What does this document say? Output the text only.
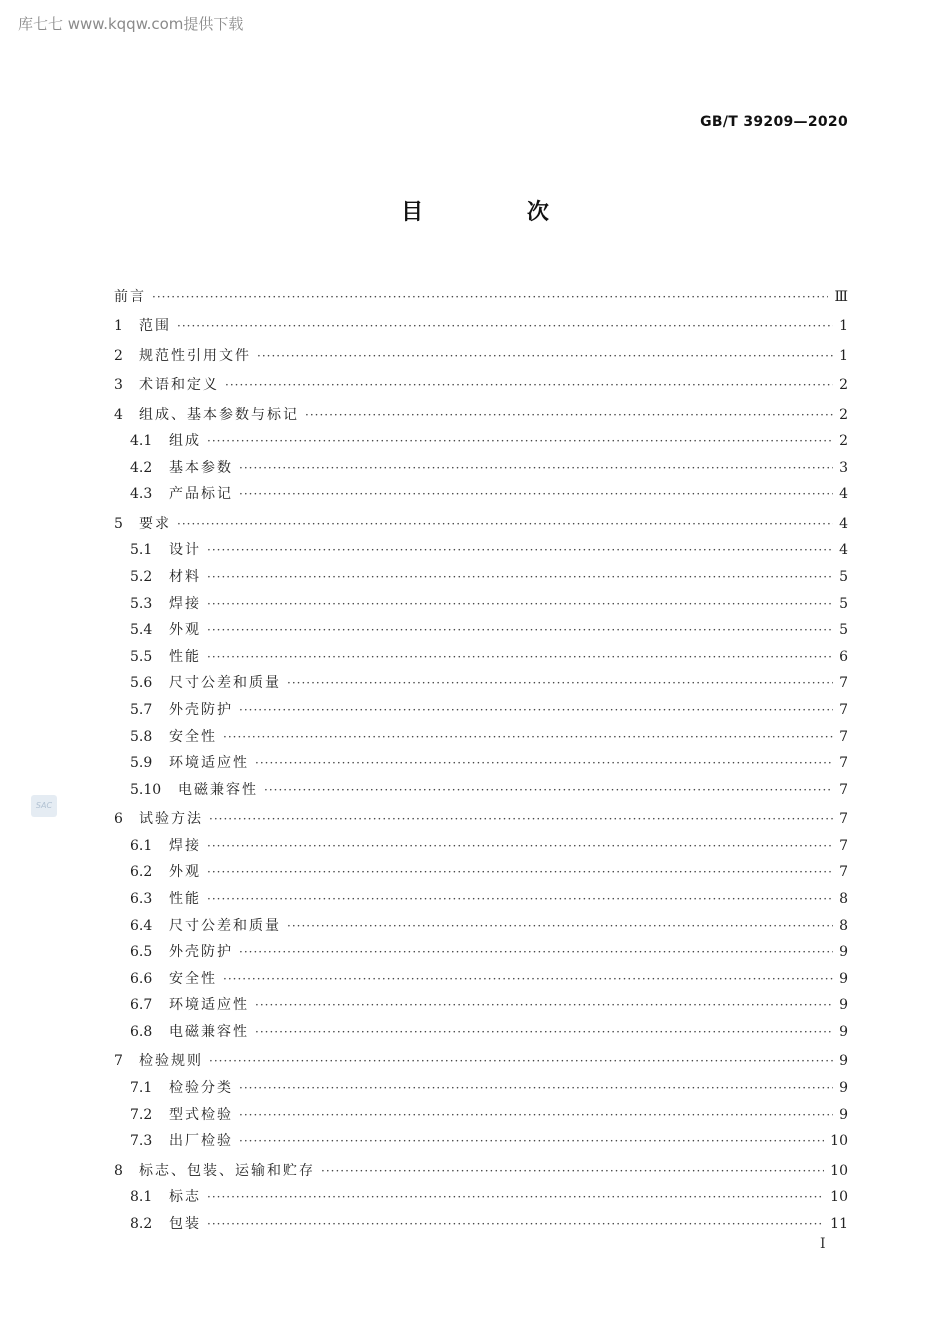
库七七 www.kqqw.com提供下载
GB/T 39209—2020
目 次
SAC
前言 ·····	Ⅲ
1	范围 ·····	1
2	规范性引用文件 ·····	1
3	术语和定义 ·····	2
4	组成、基本参数与标记 ·····	2
4.1	组成 ·····	2
4.2	基本参数 ·····	3
4.3	产品标记 ·····	4
5	要求 ·····	4
5.1	设计 ·····	4
5.2	材料 ·····	5
5.3	焊接 ·····	5
5.4	外观 ·····	5
5.5	性能 ·····	6
5.6	尺寸公差和质量 ·····	7
5.7	外壳防护 ·····	7
5.8	安全性 ·····	7
5.9	环境适应性 ·····	7
5.10	电磁兼容性 ·····	7
6	试验方法 ·····	7
6.1	焊接 ·····	7
6.2	外观 ·····	7
6.3	性能 ·····	8
6.4	尺寸公差和质量 ·····	8
6.5	外壳防护 ·····	9
6.6	安全性 ·····	9
6.7	环境适应性 ·····	9
6.8	电磁兼容性 ·····	9
7	检验规则 ·····	9
7.1	检验分类 ·····	9
7.2	型式检验 ·····	9
7.3	出厂检验 ·····	10
8	标志、包装、运输和贮存 ·····	10
8.1	标志 ·····	10
8.2	包装 ·····	11
I
